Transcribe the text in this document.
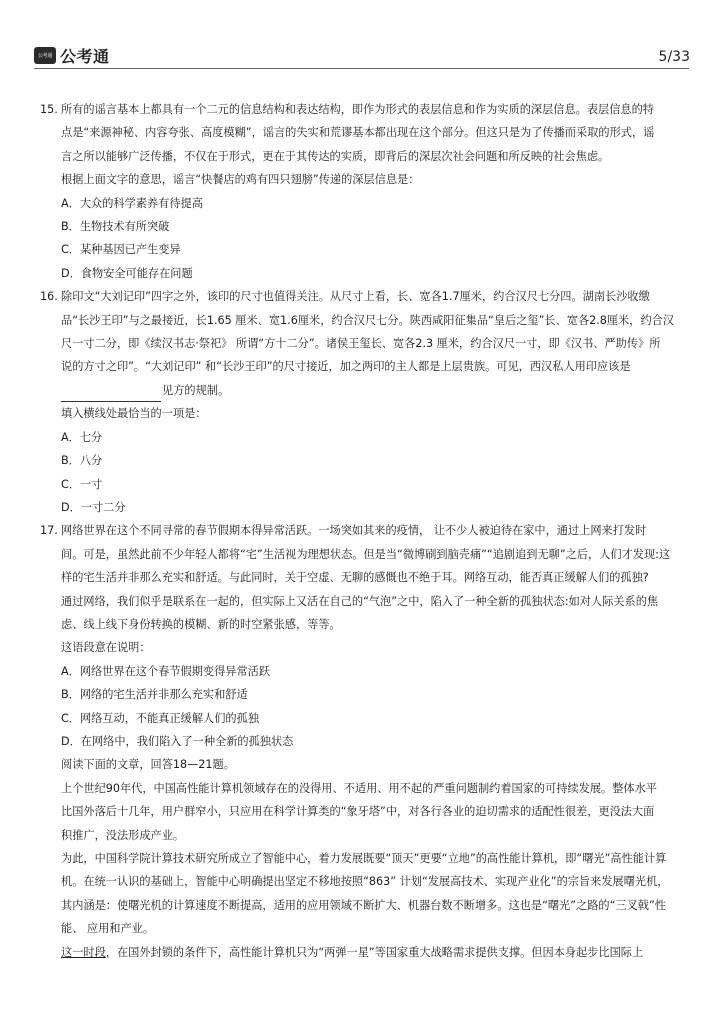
公考通 公考通	5/33
15. 所有的谣言基本上都具有一个二元的信息结构和表达结构，即作为形式的表层信息和作为实质的深层信息。表层信息的特
点是“来源神秘、内容夸张、高度模糊”，谣言的失实和荒谬基本都出现在这个部分。但这只是为了传播而采取的形式，谣
言之所以能够广泛传播，不仅在于形式，更在于其传达的实质，即背后的深层次社会问题和所反映的社会焦虑。
根据上面文字的意思，谣言“快餐店的鸡有四只翅膀”传递的深层信息是：
A．大众的科学素养有待提高
B．生物技术有所突破
C．某种基因已产生变异
D．食物安全可能存在问题
16. 除印文“大刘记印”四字之外，该印的尺寸也值得关注。从尺寸上看，长、宽各1.7厘米，约合汉尺七分四。湖南长沙收缴
品“长沙王印”与之最接近，长1.65 厘米、宽1.6厘米，约合汉尺七分。陕西咸阳征集品“皇后之玺”长、宽各2.8厘米，约合汉
尺一寸二分，即《续汉书志·祭祀》 所谓“方十二分”。诸侯王玺长、宽各2.3 厘米，约合汉尺一寸，即《汉书、严助传》所
说的方寸之印”。“大刘记印” 和“长沙王印”的尺寸接近，加之两印的主人都是上层贵族。可见，西汉私人用印应该是
见方的规制。
填入横线处最恰当的一项是：
A．七分
B．八分
C．一寸
D．一寸二分
17. 网络世界在这个不同寻常的春节假期本得异常活跃。一场突如其来的疫情， 让不少人被迫待在家中，通过上网来打发时
间。可是，虽然此前不少年轻人都将“宅”生活视为理想状态。但是当“微博刷到脑壳痛”“追剧追到无聊”之后，人们才发现:这
样的宅生活并非那么充实和舒适。与此同时，关于空虚、无聊的感慨也不绝于耳。网络互动，能否真正缓解人们的孤独?
通过网络，我们似乎是联系在一起的，但实际上又活在自己的“气泡”之中，陷入了一种全新的孤独状态:如对人际关系的焦
虑、线上线下身份转换的模糊、新的时空紧张感，等等。
这语段意在说明：
A．网络世界在这个春节假期变得异常活跃
B．网络的宅生活并非那么充实和舒适
C．网络互动，不能真正缓解人们的孤独
D．在网络中，我们陷入了一种全新的孤独状态
阅读下面的文章，回答18—21题。
上个世纪90年代，中国高性能计算机领域存在的没得用、不适用、用不起的严重问题制约着国家的可持续发展。整体水平
比国外落后十几年，用户群窄小，只应用在科学计算类的“象牙塔”中，对各行各业的迫切需求的适配性很差，更没法大面
积推广，没法形成产业。
为此，中国科学院计算技术研究所成立了智能中心，着力发展既要“顶天”更要“立地”的高性能计算机，即“曙光”高性能计算
机。在统一认识的基础上，智能中心明确提出坚定不移地按照“863” 计划“发展高技术、实现产业化”的宗旨来发展曙光机，
其内涵是：使曙光机的计算速度不断提高，适用的应用领域不断扩大、机器台数不断增多。这也是“曙光”之路的“三叉戟”性
能、 应用和产业。
这一时段，在国外封锁的条件下，高性能计算机只为“两弹一星”等国家重大战略需求提供支撑。但因本身起步比国际上
